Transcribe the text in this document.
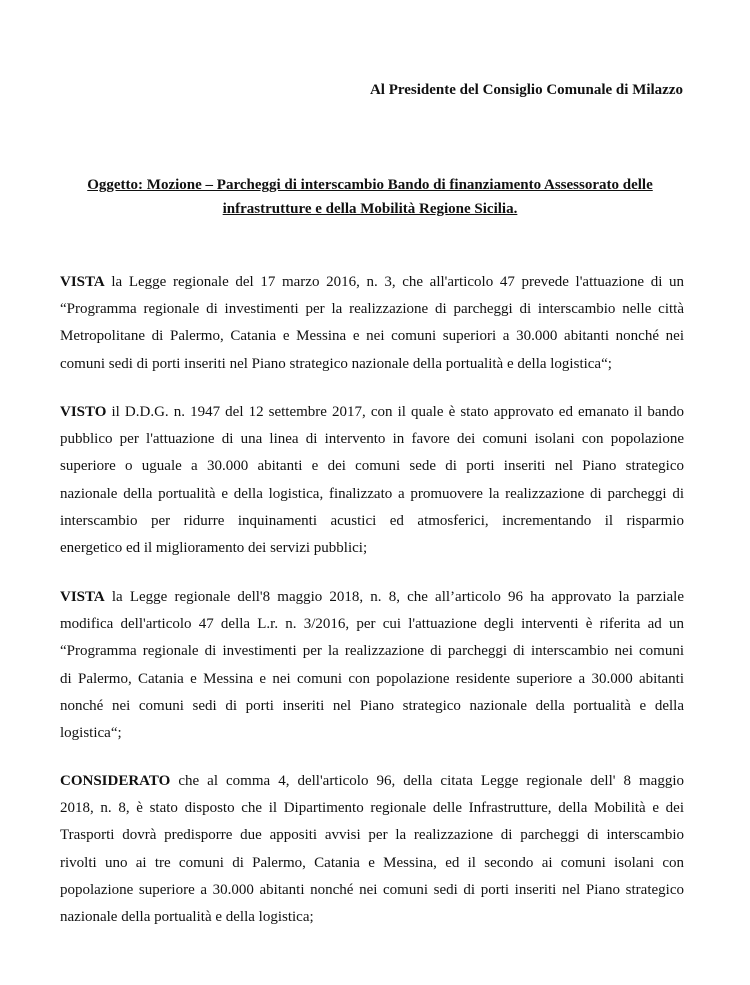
Al Presidente del Consiglio Comunale di Milazzo
Oggetto: Mozione – Parcheggi di interscambio Bando di finanziamento Assessorato delle
infrastrutture e della Mobilità Regione Sicilia.
VISTA la Legge regionale del 17 marzo 2016, n. 3, che all'articolo 47 prevede l'attuazione di un
“Programma regionale di investimenti per la realizzazione di parcheggi di interscambio nelle città
Metropolitane di Palermo, Catania e Messina e nei comuni superiori a 30.000 abitanti nonché nei
comuni sedi di porti inseriti nel Piano strategico nazionale della portualità e della logistica“;
VISTO il D.D.G. n. 1947 del 12 settembre 2017, con il quale è stato approvato ed emanato il bando
pubblico per l'attuazione di una linea di intervento in favore dei comuni isolani con popolazione
superiore o uguale a 30.000 abitanti e dei comuni sede di porti inseriti nel Piano strategico
nazionale della portualità e della logistica, finalizzato a promuovere la realizzazione di parcheggi di
interscambio per ridurre inquinamenti acustici ed atmosferici, incrementando il risparmio
energetico ed il miglioramento dei servizi pubblici;
VISTA la Legge regionale dell'8 maggio 2018, n. 8, che all’articolo 96 ha approvato la parziale
modifica dell'articolo 47 della L.r. n. 3/2016, per cui l'attuazione degli interventi è riferita ad un
“Programma regionale di investimenti per la realizzazione di parcheggi di interscambio nei comuni
di Palermo, Catania e Messina e nei comuni con popolazione residente superiore a 30.000 abitanti
nonché nei comuni sedi di porti inseriti nel Piano strategico nazionale della portualità e della
logistica“;
CONSIDERATO che al comma 4, dell'articolo 96, della citata Legge regionale dell' 8 maggio
2018, n. 8, è stato disposto che il Dipartimento regionale delle Infrastrutture, della Mobilità e dei
Trasporti dovrà predisporre due appositi avvisi per la realizzazione di parcheggi di interscambio
rivolti uno ai tre comuni di Palermo, Catania e Messina, ed il secondo ai comuni isolani con
popolazione superiore a 30.000 abitanti nonché nei comuni sedi di porti inseriti nel Piano strategico
nazionale della portualità e della logistica;
